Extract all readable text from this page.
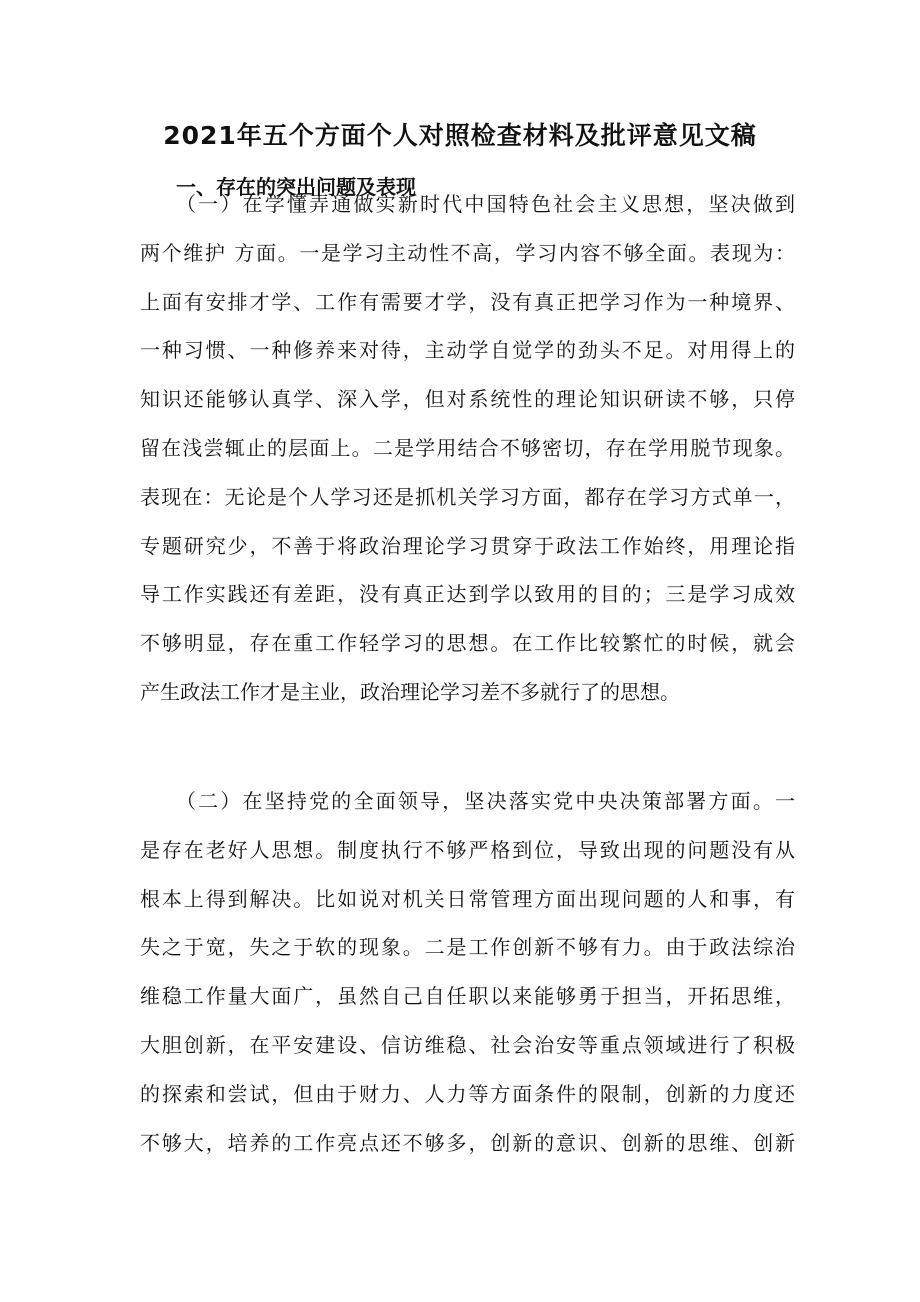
2021年五个方面个人对照检查材料及批评意见文稿
一、存在的突出问题及表现
（一）在学懂弄通做实新时代中国特色社会主义思想，坚决做到
两个维护 方面。一是学习主动性不高，学习内容不够全面。表现为：
上面有安排才学、工作有需要才学，没有真正把学习作为一种境界、
一种习惯、一种修养来对待，主动学自觉学的劲头不足。对用得上的
知识还能够认真学、深入学，但对系统性的理论知识研读不够，只停
留在浅尝辄止的层面上。二是学用结合不够密切，存在学用脱节现象。
表现在：无论是个人学习还是抓机关学习方面，都存在学习方式单一，
专题研究少，不善于将政治理论学习贯穿于政法工作始终，用理论指
导工作实践还有差距，没有真正达到学以致用的目的；三是学习成效
不够明显，存在重工作轻学习的思想。在工作比较繁忙的时候，就会
产生政法工作才是主业，政治理论学习差不多就行了的思想。
（二）在坚持党的全面领导，坚决落实党中央决策部署方面。一
是存在老好人思想。制度执行不够严格到位，导致出现的问题没有从
根本上得到解决。比如说对机关日常管理方面出现问题的人和事，有
失之于宽，失之于软的现象。二是工作创新不够有力。由于政法综治
维稳工作量大面广，虽然自己自任职以来能够勇于担当，开拓思维，
大胆创新，在平安建设、信访维稳、社会治安等重点领域进行了积极
的探索和尝试，但由于财力、人力等方面条件的限制，创新的力度还
不够大，培养的工作亮点还不够多，创新的意识、创新的思维、创新
